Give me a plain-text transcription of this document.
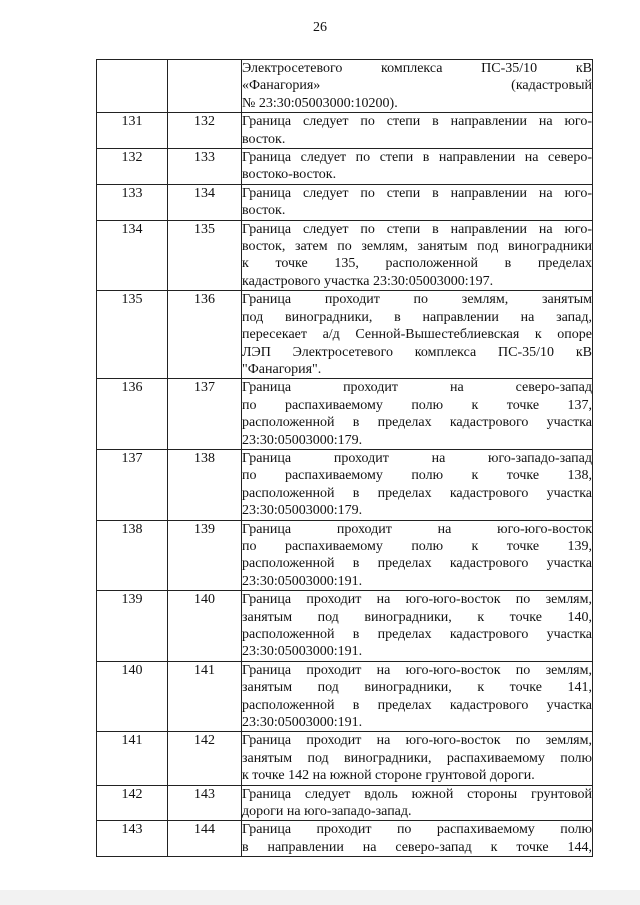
26

		Электросетевого комплекса ПС-35/10 кВ
«Фанагория» (кадастровый
№ 23:30:05003000:10200).

131	132	Граница следует по степи в направлении на юго-
восток.

132	133	Граница следует по степи в направлении на северо-
востоко-восток.

133	134	Граница следует по степи в направлении на юго-
восток.

134	135	Граница следует по степи в направлении на юго-
восток, затем по землям, занятым под виноградники
к точке 135, расположенной в пределах
кадастрового участка 23:30:05003000:197.

135	136	Граница проходит по землям, занятым
под виноградники, в направлении на запад,
пересекает а/д Сенной-Вышестеблиевская к опоре
ЛЭП Электросетевого комплекса ПС-35/10 кВ
"Фанагория".

136	137	Граница проходит на северо-запад
по распахиваемому полю к точке 137,
расположенной в пределах кадастрового участка
23:30:05003000:179.

137	138	Граница проходит на юго-западо-запад
по распахиваемому полю к точке 138,
расположенной в пределах кадастрового участка
23:30:05003000:179.

138	139	Граница проходит на юго-юго-восток
по распахиваемому полю к точке 139,
расположенной в пределах кадастрового участка
23:30:05003000:191.

139	140	Граница проходит на юго-юго-восток по землям,
занятым под виноградники, к точке 140,
расположенной в пределах кадастрового участка
23:30:05003000:191.

140	141	Граница проходит на юго-юго-восток по землям,
занятым под виноградники, к точке 141,
расположенной в пределах кадастрового участка
23:30:05003000:191.

141	142	Граница проходит на юго-юго-восток по землям,
занятым под виноградники, распахиваемому полю
к точке 142 на южной стороне грунтовой дороги.

142	143	Граница следует вдоль южной стороны грунтовой
дороги на юго-западо-запад.

143	144	Граница проходит по распахиваемому полю
в направлении на северо-запад к точке 144,
